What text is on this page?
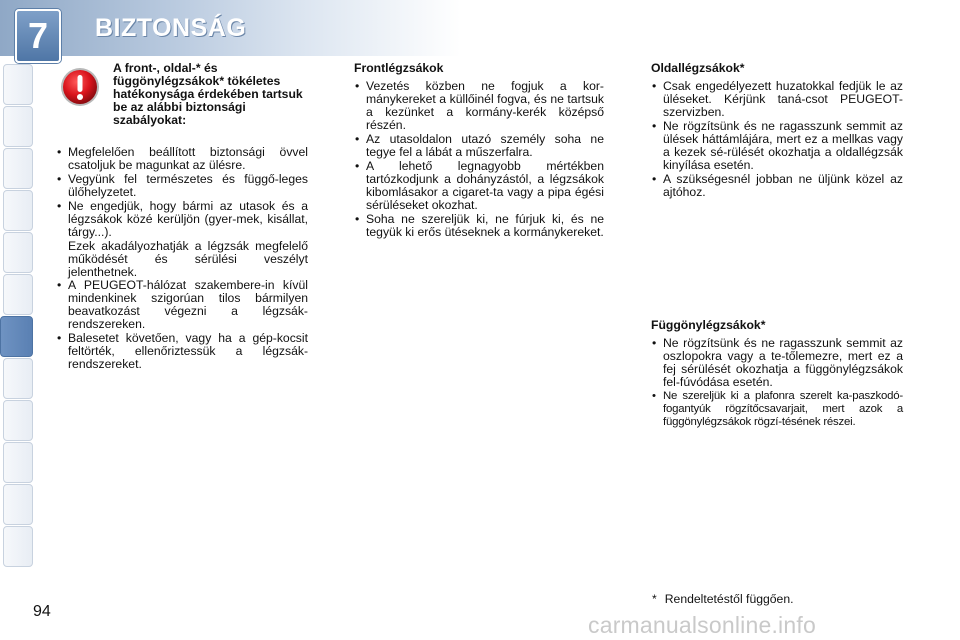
7	BIZTONSÁG
A front-, oldal-* és függönylégzsákok* tökéletes hatékonysága érdekében tartsuk be az alábbi biztonsági szabályokat:
• Megfelelően beállított biztonsági övvel csatoljuk be magunkat az ülésre.
• Vegyünk fel természetes és függő-leges ülőhelyzetet.
• Ne engedjük, hogy bármi az utasok és a légzsákok közé kerüljön (gyer-mek, kisállat, tárgy...).

Ezek akadályozhatják a légzsák megfelelő működését és sérülési veszélyt jelenthetnek.

• A PEUGEOT-hálózat szakembere-in kívül mindenkinek szigorúan tilos bármilyen beavatkozást végezni a légzsák-rendszereken.
• Balesetet követően, vagy ha a gép-kocsit feltörték, ellenőriztessük a légzsák-rendszereket.

Frontlégzsákok

• Vezetés közben ne fogjuk a kor-mánykereket a küllőinél fogva, és ne tartsuk a kezünket a kormány-kerék középső részén.
• Az utasoldalon utazó személy soha ne tegye fel a lábát a műszerfalra.
• A lehető legnagyobb mértékben tartózkodjunk a dohányzástól, a légzsákok kibomlásakor a cigaret-ta vagy a pipa égési sérüléseket okozhat.
• Soha ne szereljük ki, ne fúrjuk ki, és ne tegyük ki erős ütéseknek a kormánykereket.

Oldallégzsákok*

• Csak engedélyezett huzatokkal fedjük le az üléseket. Kérjünk taná-csot PEUGEOT-szervizben.
• Ne rögzítsünk és ne ragasszunk semmit az ülések háttámlájára, mert ez a mellkas vagy a kezek sé-rülését okozhatja a oldallégzsák kinyílása esetén.
• A szükségesnél jobban ne üljünk közel az ajtóhoz.

Függönylégzsákok*

• Ne rögzítsünk és ne ragasszunk semmit az oszlopokra vagy a te-tőlemezre, mert ez a fej sérülését okozhatja a függönylégzsákok fel-fúvódása esetén.
• Ne szereljük ki a plafonra szerelt ka-paszkodó-fogantyúk rögzítőcsavarjait, mert azok a függönylégzsákok rögzí-tésének részei.
* Rendeltetéstől függően.
94
carmanualsonline.info
